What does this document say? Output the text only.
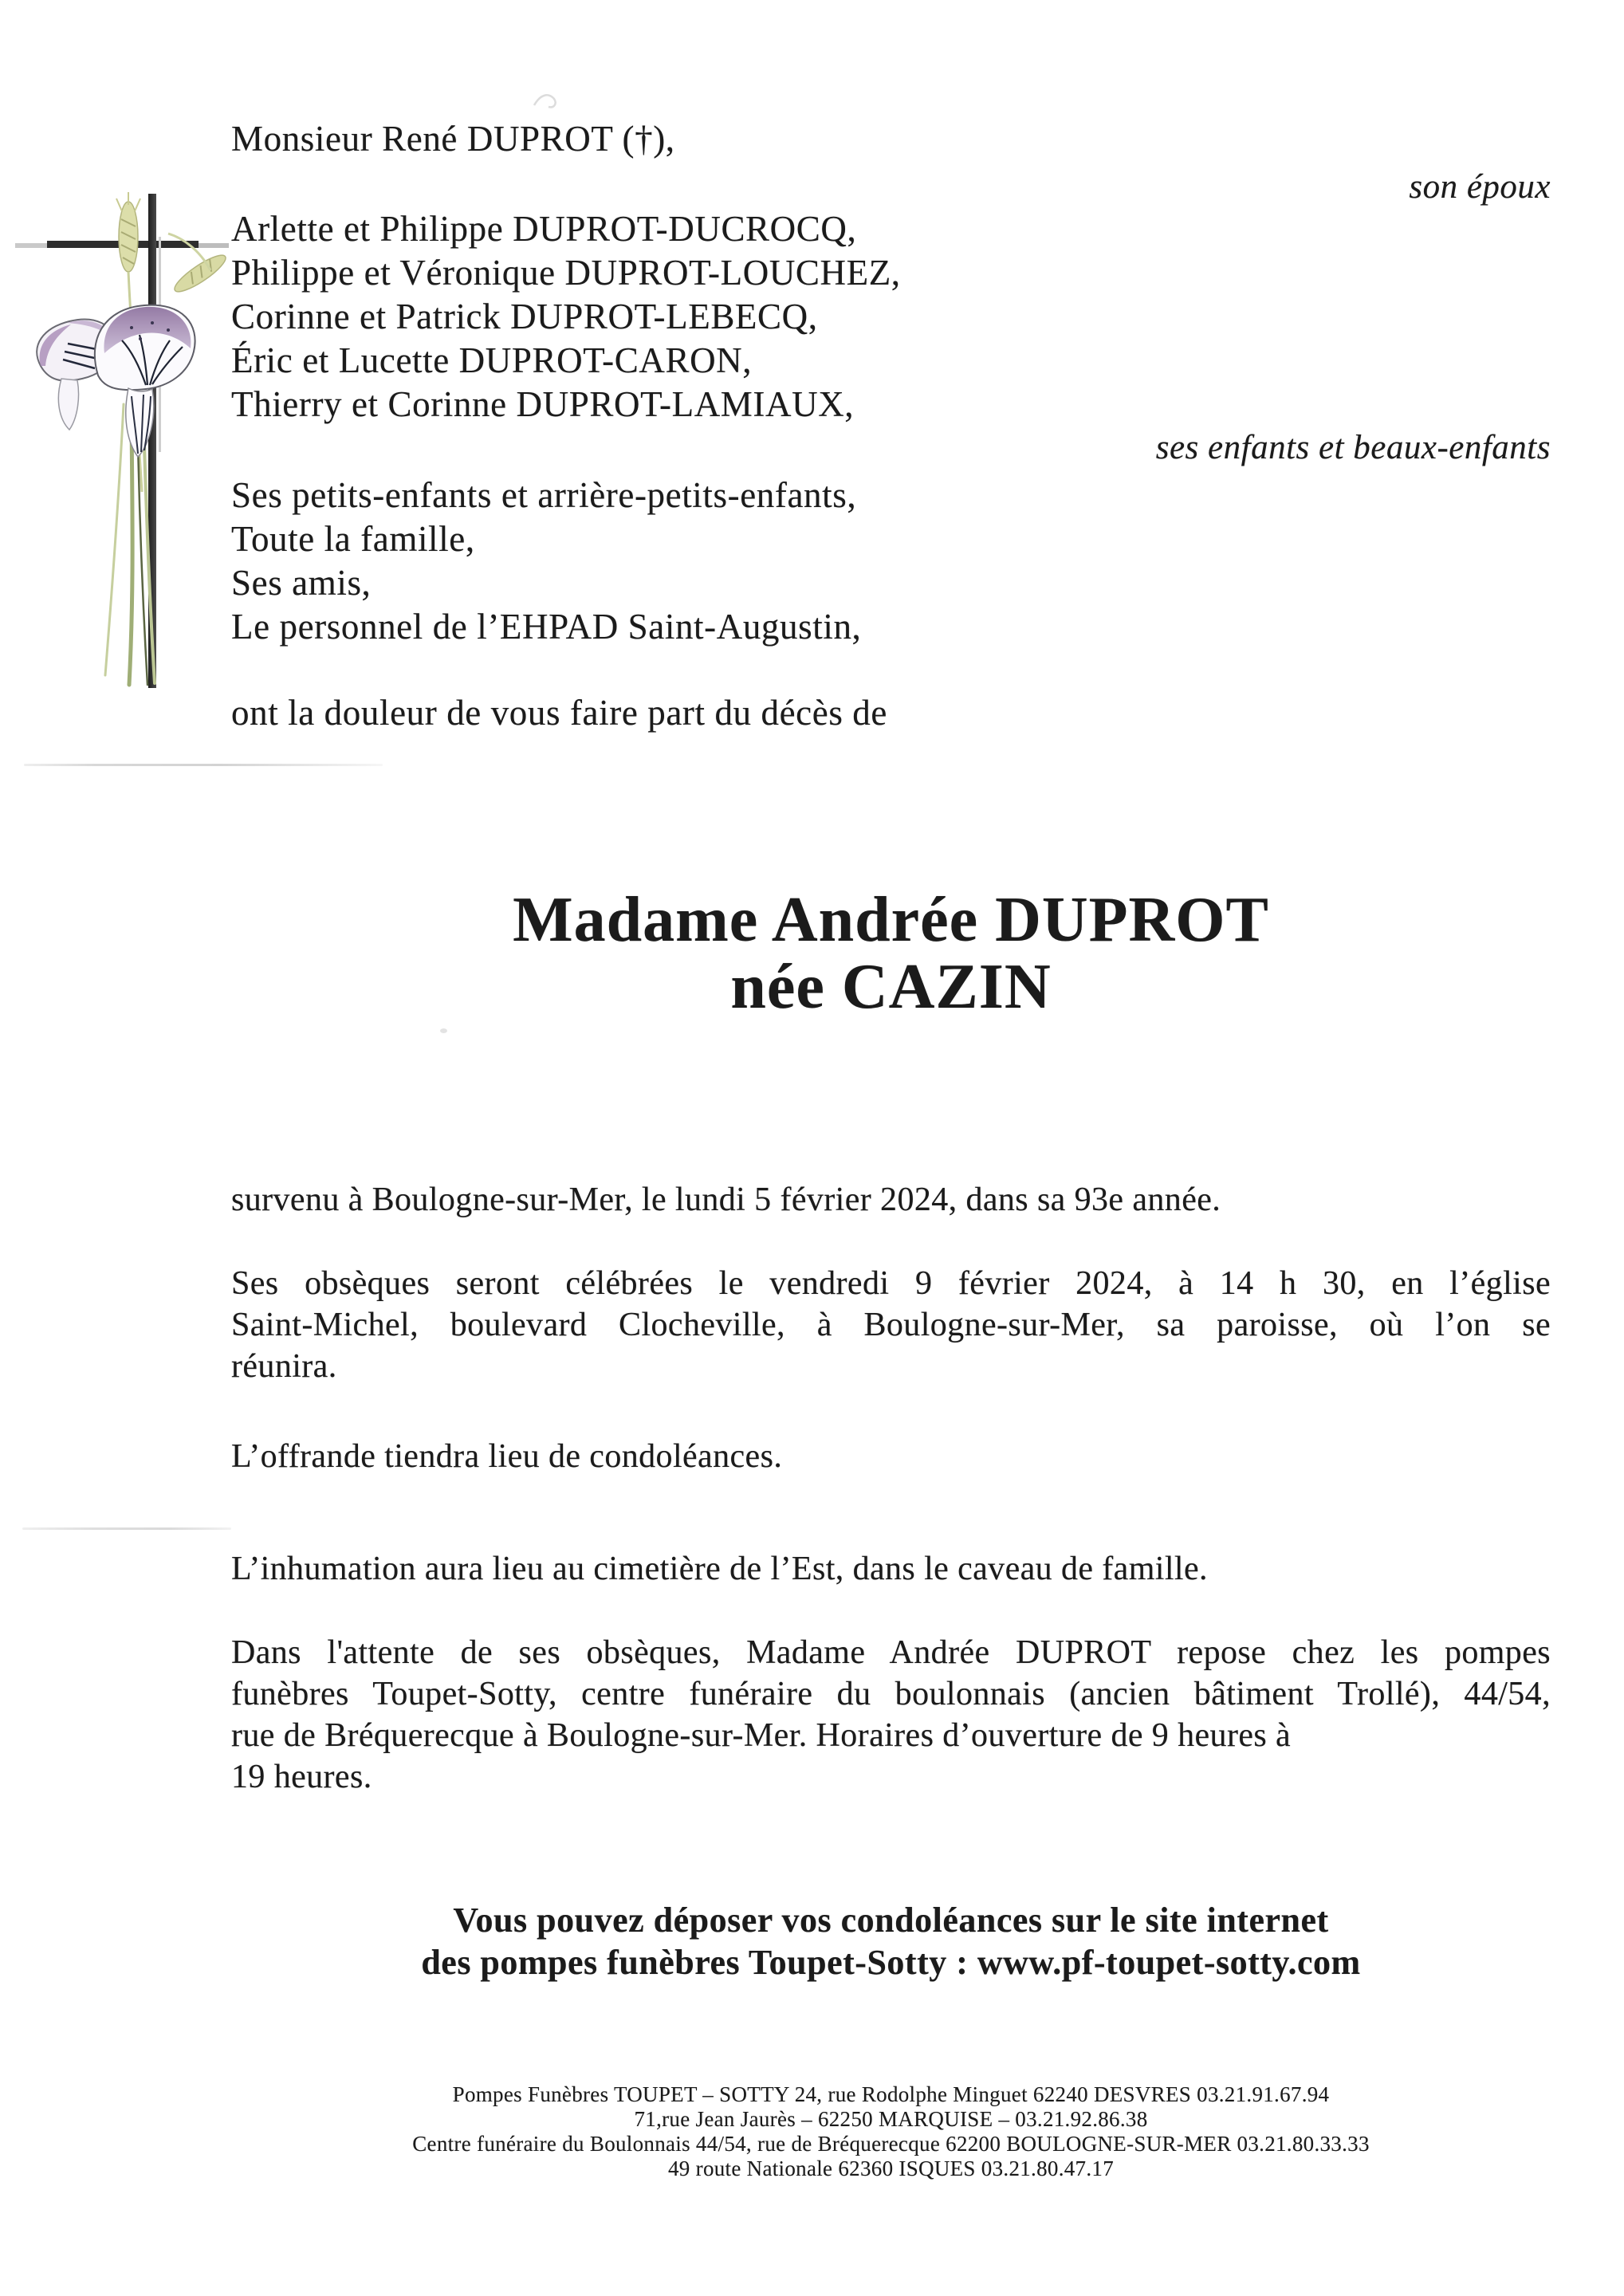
Monsieur René DUPROT (†),
son époux
Arlette et Philippe DUPROT-DUCROCQ,
Philippe et Véronique DUPROT-LOUCHEZ,
Corinne et Patrick DUPROT-LEBECQ,
Éric et Lucette DUPROT-CARON,
Thierry et Corinne DUPROT-LAMIAUX,
ses enfants et beaux-enfants
Ses petits-enfants et arrière-petits-enfants,
Toute la famille,
Ses amis,
Le personnel de l’EHPAD Saint-Augustin,
ont la douleur de vous faire part du décès de
Madame Andrée DUPROT
née CAZIN
survenu à Boulogne-sur-Mer, le lundi 5 février 2024, dans sa 93e année.
Ses obsèques seront célébrées le vendredi 9 février 2024, à 14 h 30, en l’église
Saint-Michel, boulevard Clocheville, à Boulogne-sur-Mer, sa paroisse, où l’on se
réunira.
L’offrande tiendra lieu de condoléances.
L’inhumation aura lieu au cimetière de l’Est, dans le caveau de famille.
Dans l'attente de ses obsèques, Madame Andrée DUPROT repose chez les pompes
funèbres Toupet-Sotty, centre funéraire du boulonnais (ancien bâtiment Trollé), 44/54,
rue de Bréquerecque à Boulogne-sur-Mer. Horaires d’ouverture de 9 heures à
19 heures.
Vous pouvez déposer vos condoléances sur le site internet
des pompes funèbres Toupet-Sotty : www.pf-toupet-sotty.com
Pompes Funèbres TOUPET – SOTTY 24, rue Rodolphe Minguet 62240 DESVRES 03.21.91.67.94
71,rue Jean Jaurès – 62250 MARQUISE – 03.21.92.86.38
Centre funéraire du Boulonnais 44/54, rue de Bréquerecque 62200 BOULOGNE-SUR-MER 03.21.80.33.33
49 route Nationale 62360 ISQUES 03.21.80.47.17
